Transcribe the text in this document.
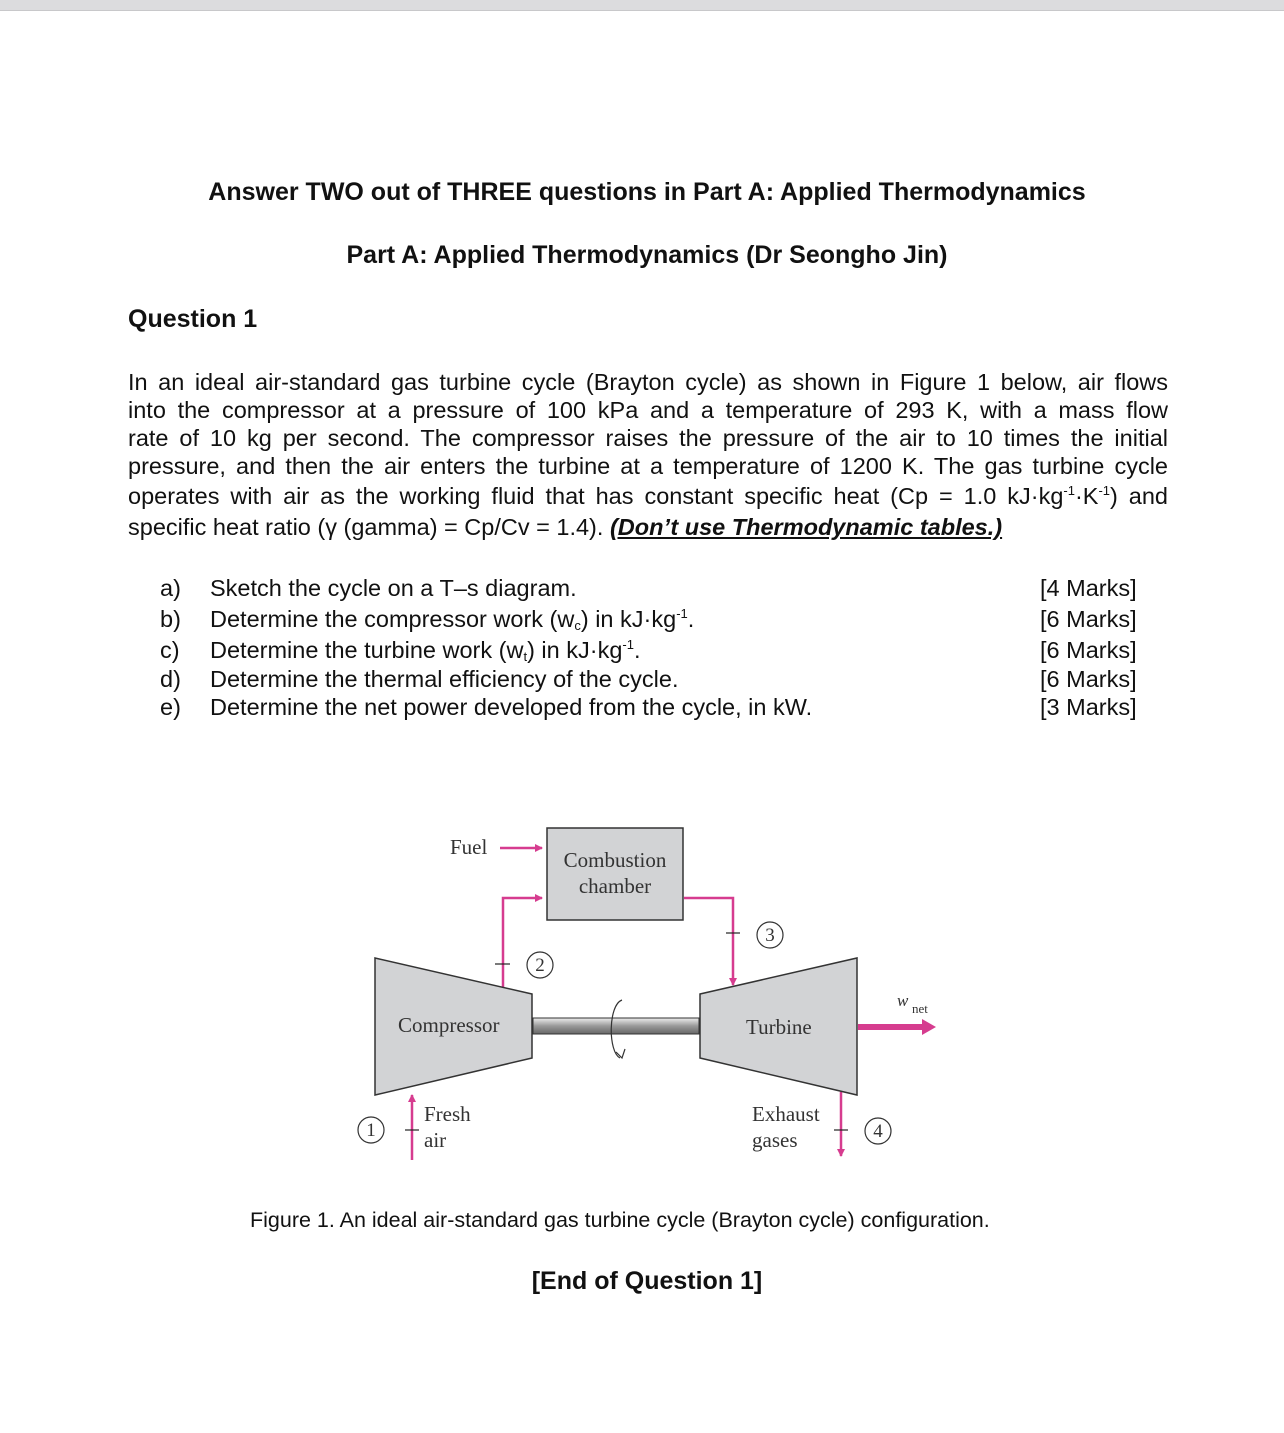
Answer TWO out of THREE questions in Part A: Applied Thermodynamics
Part A: Applied Thermodynamics (Dr Seongho Jin)
Question 1
In an ideal air-standard gas turbine cycle (Brayton cycle) as shown in Figure 1 below, air flows
into the compressor at a pressure of 100 kPa and a temperature of 293 K, with a mass flow
rate of 10 kg per second. The compressor raises the pressure of the air to 10 times the initial
pressure, and then the air enters the turbine at a temperature of 1200 K. The gas turbine cycle
operates with air as the working fluid that has constant specific heat (Cp = 1.0 $kJ\cdot kg^{-1}\cdot K^{-1}$) and
specific heat ratio (γ (gamma) = Cp/Cv = 1.4). (Don’t use Thermodynamic tables.)
a) Sketch the cycle on a T–s diagram.	[4 Marks]
b) Determine the compressor work $(w_c)$ in $kJ\cdot kg^{-1}$.	[6 Marks]
c) Determine the turbine work $(w_t)$ in $kJ\cdot kg^{-1}$.	[6 Marks]
d) Determine the thermal efficiency of the cycle.	[6 Marks]
e) Determine the net power developed from the cycle, in kW.	[3 Marks]
1
2
3
4
Fuel
Combustion
chamber
Compressor	Turbine
Fresh
air
Exhaust
gases
w net
Figure 1. An ideal air-standard gas turbine cycle (Brayton cycle) configuration.
[End of Question 1]
